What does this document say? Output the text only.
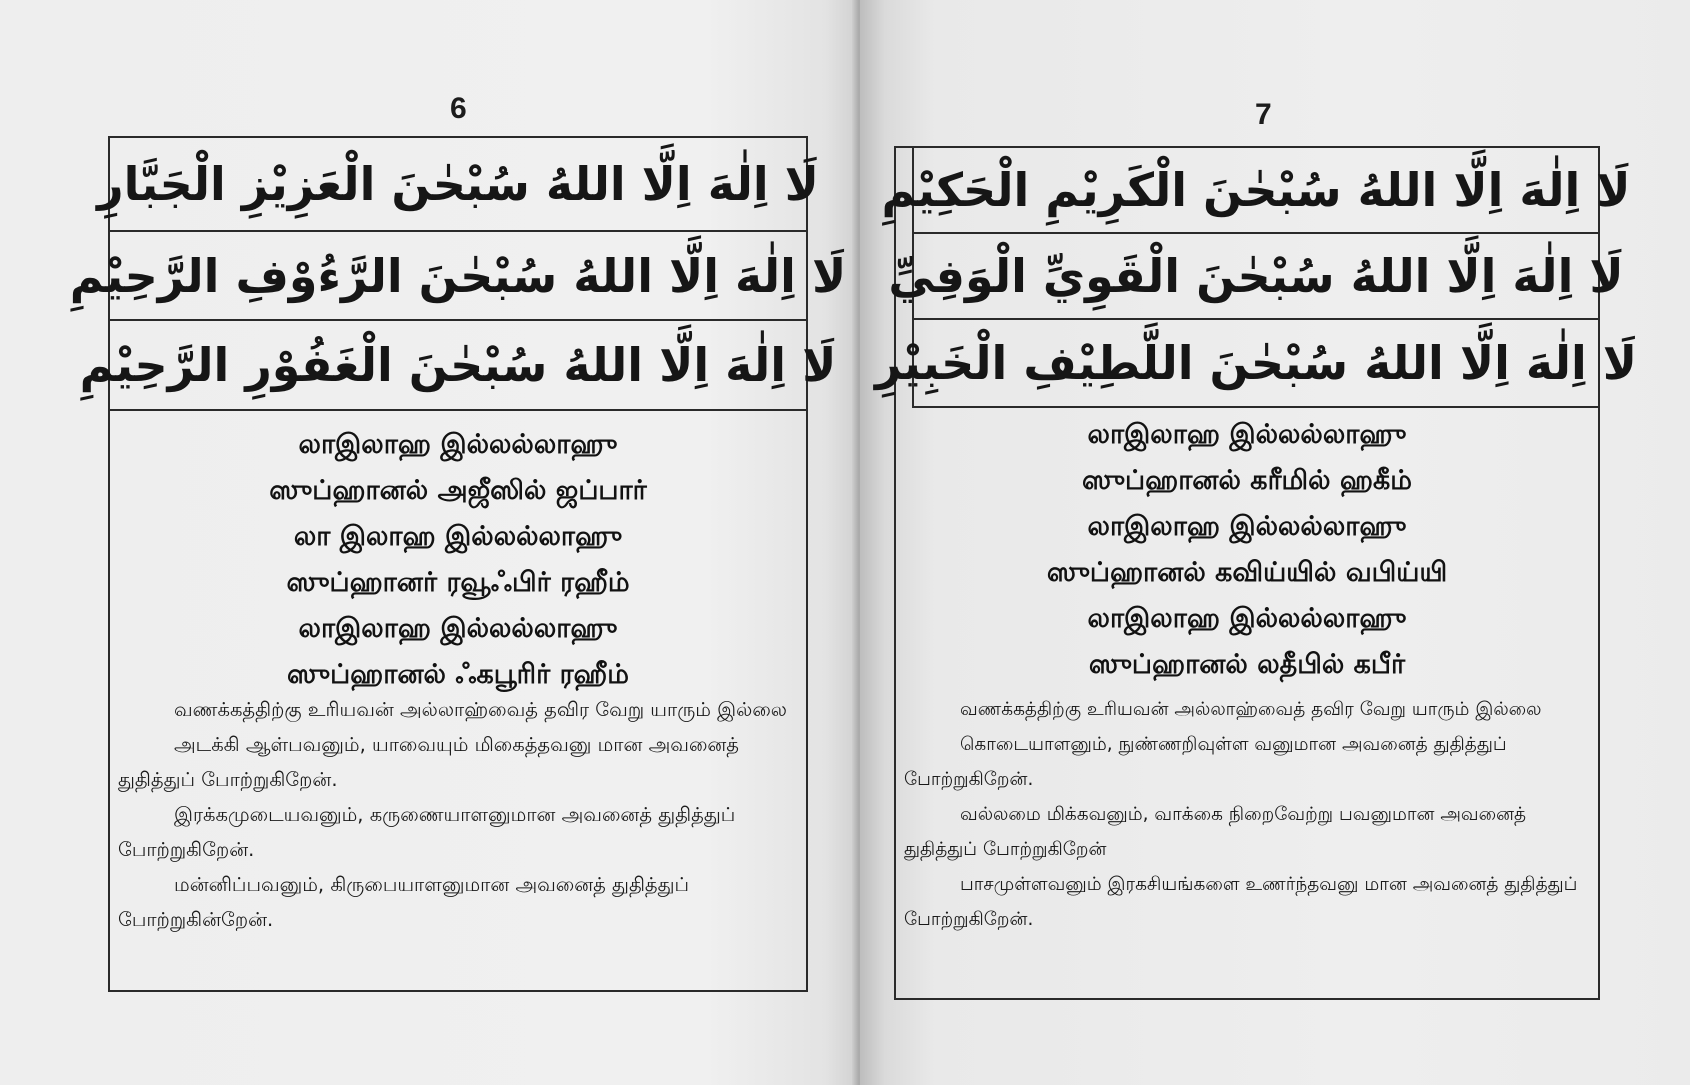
6
لَا اِلٰهَ اِلَّا اللهُ سُبْحٰنَ الْعَزِيْزِ الْجَبَّارِ
لَا اِلٰهَ اِلَّا اللهُ سُبْحٰنَ الرَّءُوْفِ الرَّحِيْمِ
لَا اِلٰهَ اِلَّا اللهُ سُبْحٰنَ الْغَفُوْرِ الرَّحِيْمِ
லாஇலாஹ இல்லல்லாஹு
ஸுப்ஹானல் அஜீஸில் ஜப்பார்
லா இலாஹ இல்லல்லாஹு
ஸுப்ஹானர் ரவூஃபிர் ரஹீம்
லாஇலாஹ இல்லல்லாஹு
ஸுப்ஹானல் ஃகபூரிர் ரஹீம்

வணக்கத்திற்கு உரியவன் அல்லாஹ்வைத் தவிர வேறு யாரும் இல்லை

அடக்கி ஆள்பவனும், யாவையும் மிகைத்தவனு மான அவனைத் துதித்துப் போற்றுகிறேன்.

இரக்கமுடையவனும், கருணையாளனுமான அவனைத் துதித்துப் போற்றுகிறேன்.

மன்னிப்பவனும், கிருபையாளனுமான அவனைத் துதித்துப் போற்றுகின்றேன்.

7
لَا اِلٰهَ اِلَّا اللهُ سُبْحٰنَ الْكَرِيْمِ الْحَكِيْمِ
لَا اِلٰهَ اِلَّا اللهُ سُبْحٰنَ الْقَوِيِّ الْوَفِيِّ
لَا اِلٰهَ اِلَّا اللهُ سُبْحٰنَ اللَّطِيْفِ الْخَبِيْرِ
லாஇலாஹ இல்லல்லாஹு
ஸுப்ஹானல் கரீமில் ஹகீம்
லாஇலாஹ இல்லல்லாஹு
ஸுப்ஹானல் கவிய்யில் வபிய்யி
லாஇலாஹ இல்லல்லாஹு
ஸுப்ஹானல் லதீபில் கபீர்

வணக்கத்திற்கு உரியவன் அல்லாஹ்வைத் தவிர வேறு யாரும் இல்லை

கொடையாளனும், நுண்ணறிவுள்ள வனுமான அவனைத் துதித்துப் போற்றுகிறேன்.

வல்லமை மிக்கவனும், வாக்கை நிறைவேற்று பவனுமான அவனைத் துதித்துப் போற்றுகிறேன்

பாசமுள்ளவனும் இரகசியங்களை உணர்ந்தவனு மான அவனைத் துதித்துப் போற்றுகிறேன்.
